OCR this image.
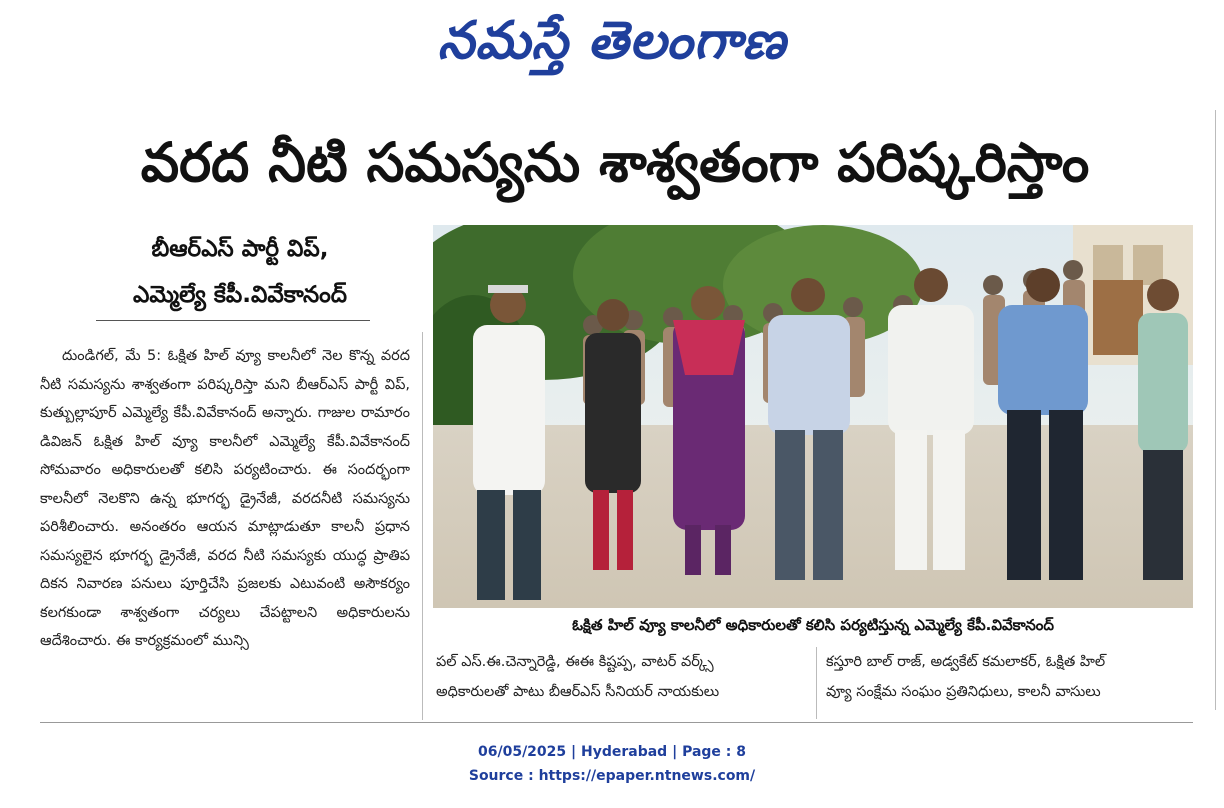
నమస్తే తెలంగాణ
వరద నీటి సమస్యను శాశ్వతంగా పరిష్కరిస్తాం
బీఆర్‌ఎస్ పార్టీ విప్,
ఎమ్మెల్యే కేపీ.వివేకానంద్

దుండిగల్, మే 5: ఓక్షిత హిల్ వ్యూ కాలనీలో నెల కొన్న వరద నీటి సమస్యను శాశ్వతంగా పరిష్కరిస్తా మని బీఆర్‌ఎస్ పార్టీ విప్, కుత్బుల్లాపూర్ ఎమ్మెల్యే కేపీ.వివేకానంద్ అన్నారు. గాజుల రామారం డివిజన్ ఓక్షిత హిల్ వ్యూ కాలనీలో ఎమ్మెల్యే కేపీ.వివేకానంద్ సోమవారం అధికారులతో కలిసి పర్యటించారు. ఈ సందర్భంగా కాలనీలో నెలకొని ఉన్న భూగర్భ డ్రైనేజీ, వరదనీటి సమస్యను పరిశీలించారు. అనంతరం ఆయన మాట్లాడుతూ కాలనీ ప్రధాన సమస్యలైన భూగర్భ డ్రైనేజీ, వరద నీటి సమస్యకు యుద్ధ ప్రాతిప దికన నివారణ పనులు పూర్తిచేసి ప్రజలకు ఎటువంటి అసౌకర్యం కలగకుండా శాశ్వతంగా చర్యలు చేపట్టాలని అధికారులను ఆదేశించారు. ఈ కార్యక్రమంలో మున్సి

ఓక్షిత హిల్ వ్యూ కాలనీలో అధికారులతో కలిసి పర్యటిస్తున్న ఎమ్మెల్యే కేపీ.వివేకానంద్
పల్ ఎస్.ఈ.చెన్నారెడ్డి, ఈఈ కిష్టప్ప, వాటర్ వర్క్స్
అధికారులతో పాటు బీఆర్‌ఎస్ సీనియర్ నాయకులు
కస్తూరి బాల్ రాజ్, అడ్వకేట్ కమలాకర్, ఓక్షిత హిల్
వ్యూ సంక్షేమ సంఘం ప్రతినిధులు, కాలనీ వాసులు
06/05/2025 | Hyderabad | Page : 8
Source : https://epaper.ntnews.com/
